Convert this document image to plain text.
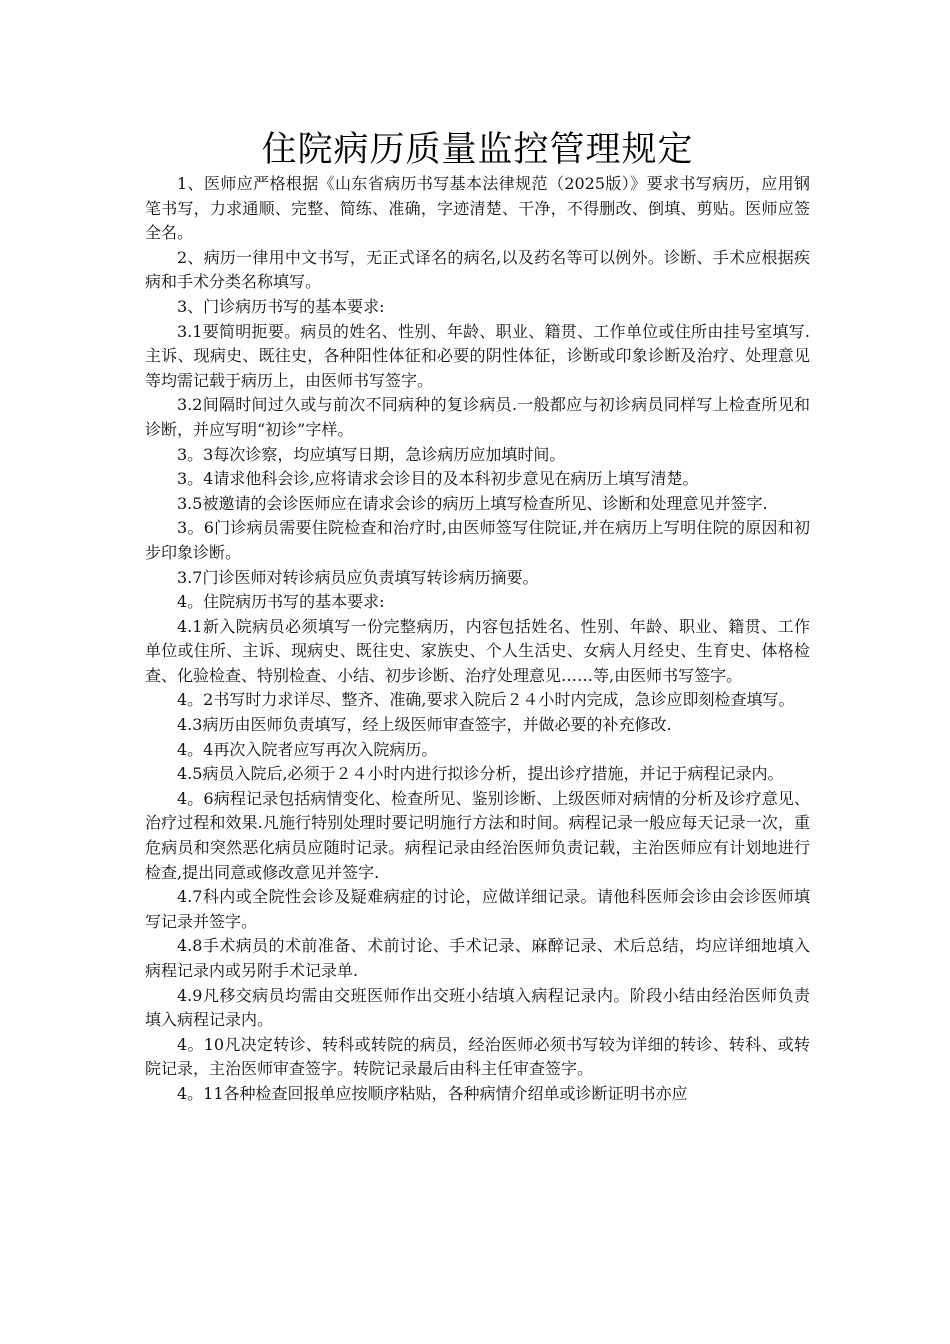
住院病历质量监控管理规定

1、医师应严格根据《山东省病历书写基本法律规范（2025版）》要求书写病历，应用钢笔书写，力求通顺、完整、简练、准确，字迹清楚、干净，不得删改、倒填、剪贴。医师应签全名。

2、病历一律用中文书写，无正式译名的病名,以及药名等可以例外。诊断、手术应根据疾病和手术分类名称填写。

3、门诊病历书写的基本要求:

3.1要简明扼要。病员的姓名、性别、年龄、职业、籍贯、工作单位或住所由挂号室填写.主诉、现病史、既往史，各种阳性体征和必要的阴性体征，诊断或印象诊断及治疗、处理意见等均需记载于病历上，由医师书写签字。

3.2间隔时间过久或与前次不同病种的复诊病员.一般都应与初诊病员同样写上检查所见和诊断，并应写明“初诊”字样。

3。3每次诊察，均应填写日期，急诊病历应加填时间。

3。4请求他科会诊,应将请求会诊目的及本科初步意见在病历上填写清楚。

3.5被邀请的会诊医师应在请求会诊的病历上填写检查所见、诊断和处理意见并签字.

3。6门诊病员需要住院检查和治疗时,由医师签写住院证,并在病历上写明住院的原因和初步印象诊断。

3.7门诊医师对转诊病员应负责填写转诊病历摘要。

4。住院病历书写的基本要求:

4.1新入院病员必须填写一份完整病历，内容包括姓名、性别、年龄、职业、籍贯、工作单位或住所、主诉、现病史、既往史、家族史、个人生活史、女病人月经史、生育史、体格检查、化验检查、特别检查、小结、初步诊断、治疗处理意见……等,由医师书写签字。

4。2书写时力求详尽、整齐、准确,要求入院后２４小时内完成，急诊应即刻检查填写。

4.3病历由医师负责填写，经上级医师审查签字，并做必要的补充修改.

4。4再次入院者应写再次入院病历。

4.5病员入院后,必须于２４小时内进行拟诊分析，提出诊疗措施，并记于病程记录内。

4。6病程记录包括病情变化、检查所见、鉴别诊断、上级医师对病情的分析及诊疗意见、治疗过程和效果.凡施行特别处理时要记明施行方法和时间。病程记录一般应每天记录一次，重危病员和突然恶化病员应随时记录。病程记录由经治医师负责记载，主治医师应有计划地进行检查,提出同意或修改意见并签字.

4.7科内或全院性会诊及疑难病症的讨论，应做详细记录。请他科医师会诊由会诊医师填写记录并签字。

4.8手术病员的术前准备、术前讨论、手术记录、麻醉记录、术后总结，均应详细地填入病程记录内或另附手术记录单.

4.9凡移交病员均需由交班医师作出交班小结填入病程记录内。阶段小结由经治医师负责填入病程记录内。

4。10凡决定转诊、转科或转院的病员，经治医师必须书写较为详细的转诊、转科、或转院记录，主治医师审查签字。转院记录最后由科主任审查签字。

4。11各种检查回报单应按顺序粘贴，各种病情介绍单或诊断证明书亦应
